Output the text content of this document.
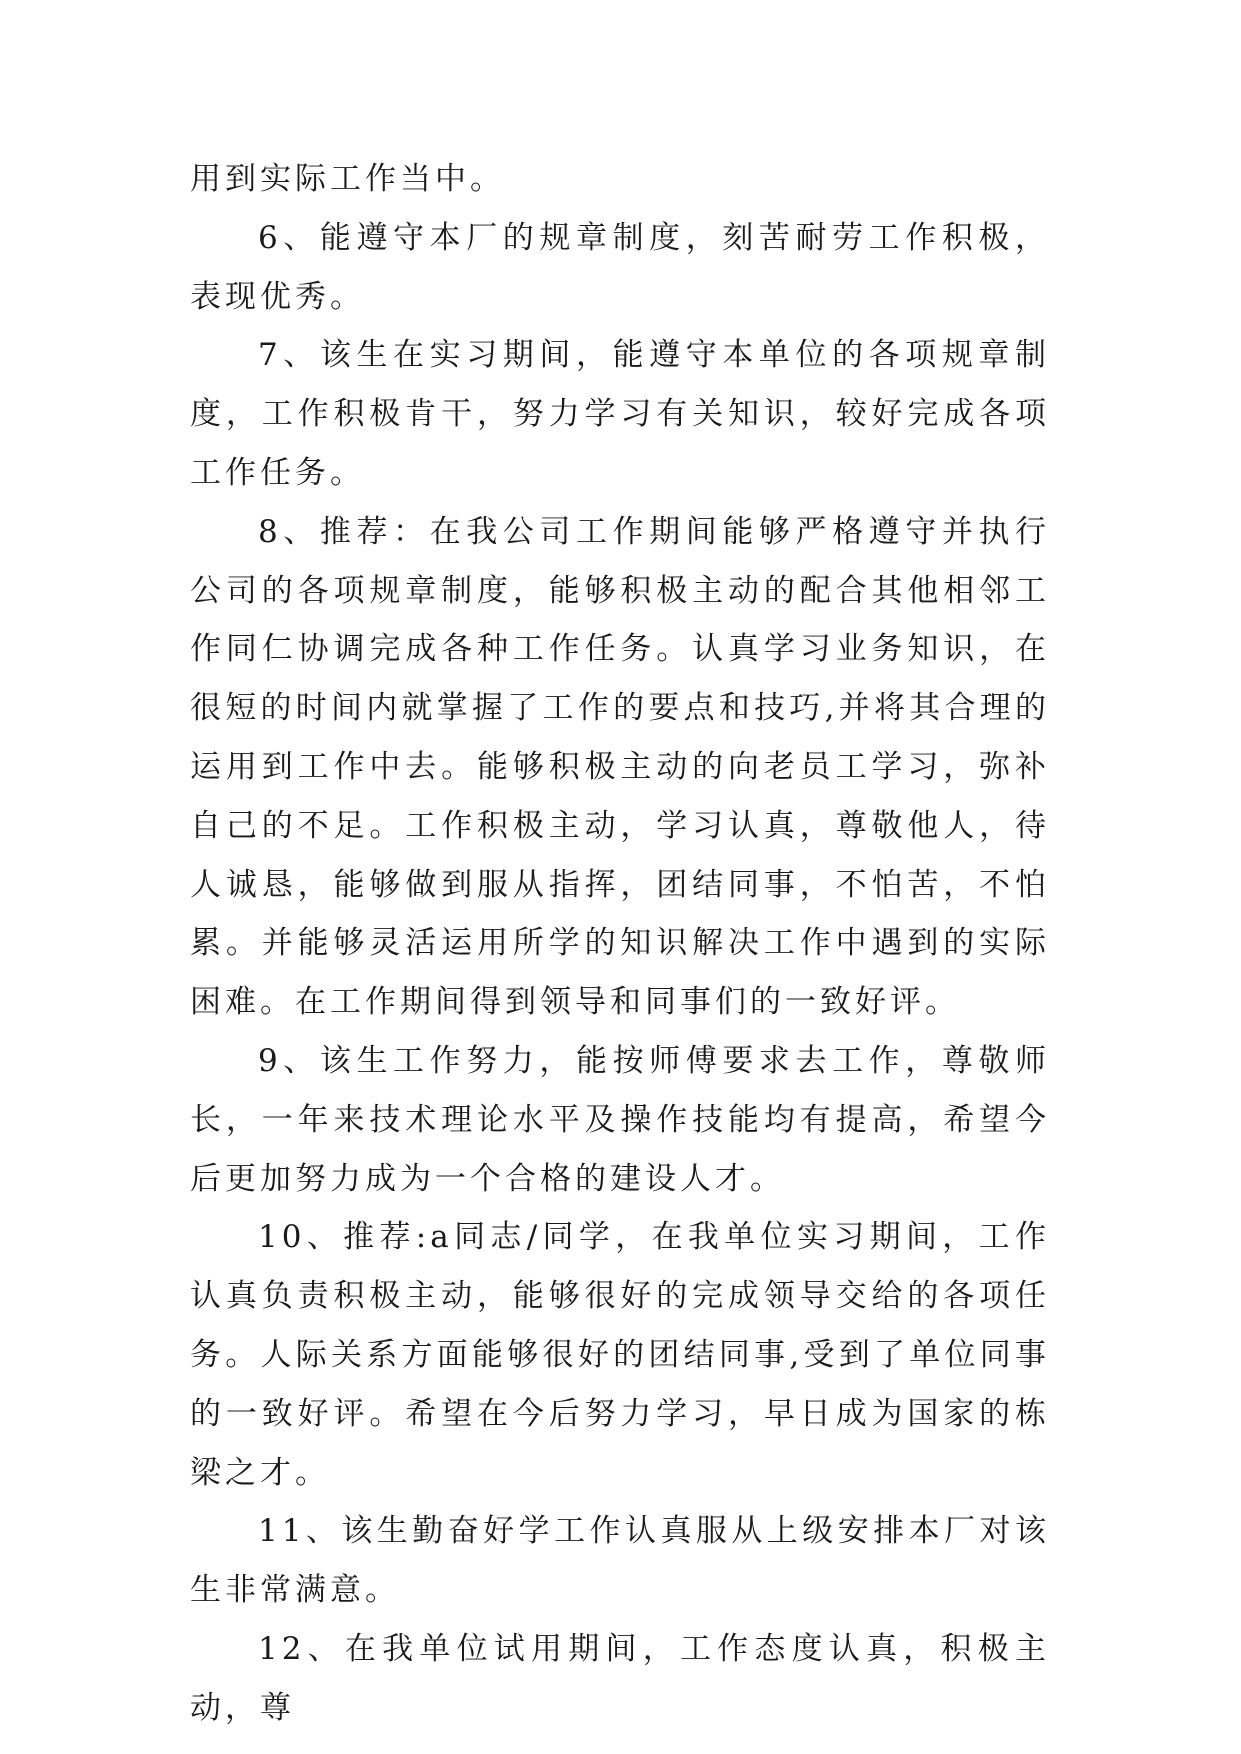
用到实际工作当中。

6、能遵守本厂的规章制度，刻苦耐劳工作积极，表现优秀。

7、该生在实习期间，能遵守本单位的各项规章制度，工作积极肯干，努力学习有关知识，较好完成各项工作任务。

8、推荐：在我公司工作期间能够严格遵守并执行公司的各项规章制度，能够积极主动的配合其他相邻工作同仁协调完成各种工作任务。认真学习业务知识，在很短的时间内就掌握了工作的要点和技巧,并将其合理的运用到工作中去。能够积极主动的向老员工学习，弥补自己的不足。工作积极主动，学习认真，尊敬他人，待人诚恳，能够做到服从指挥，团结同事，不怕苦，不怕累。并能够灵活运用所学的知识解决工作中遇到的实际困难。在工作期间得到领导和同事们的一致好评。

9、该生工作努力，能按师傅要求去工作，尊敬师长，一年来技术理论水平及操作技能均有提高，希望今后更加努力成为一个合格的建设人才。

10、推荐:a同志/同学，在我单位实习期间，工作认真负责积极主动，能够很好的完成领导交给的各项任务。人际关系方面能够很好的团结同事,受到了单位同事的一致好评。希望在今后努力学习，早日成为国家的栋梁之才。

11、该生勤奋好学工作认真服从上级安排本厂对该生非常满意。

12、在我单位试用期间，工作态度认真，积极主动，尊
